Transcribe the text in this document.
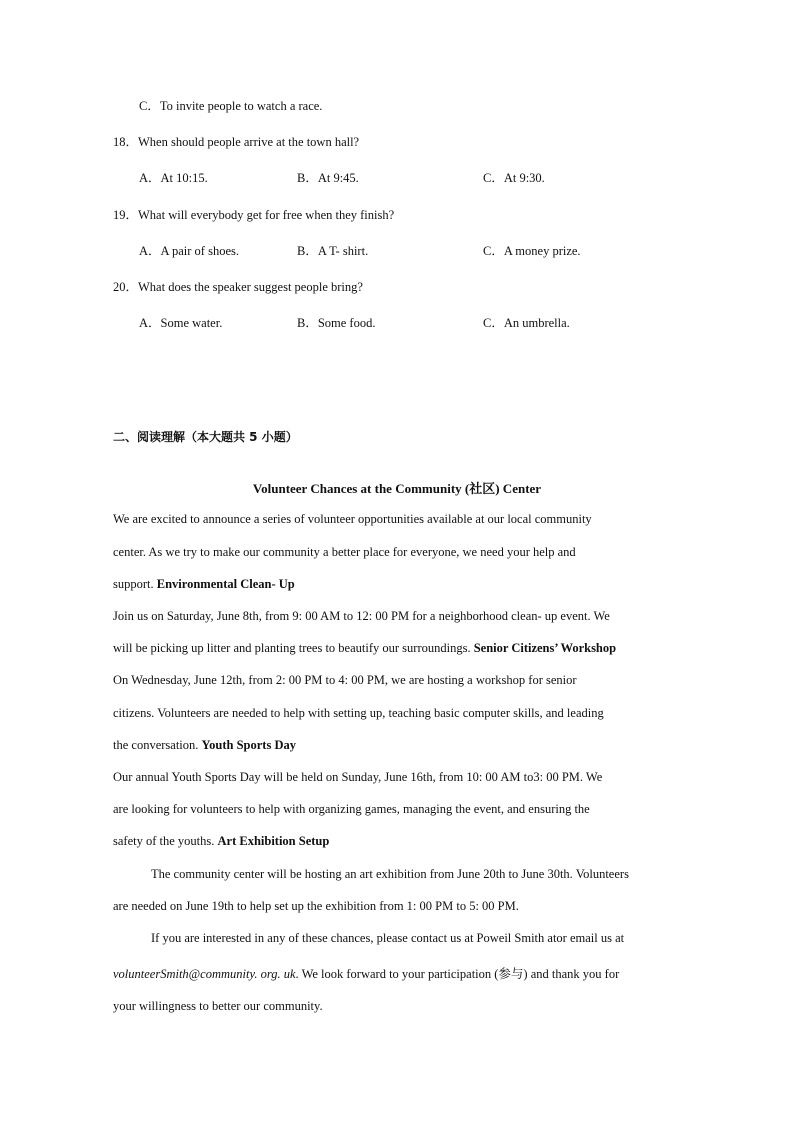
C．To invite people to watch a race.
18．When should people arrive at the town hall?
A．At 10:15.	B．At 9:45.	C．At 9:30.
19．What will everybody get for free when they finish?
A．A pair of shoes.	B．A T- shirt.	C．A money prize.
20．What does the speaker suggest people bring?
A．Some water.	B．Some food.	C．An umbrella.
二、阅读理解（本大题共 5 小题）
Volunteer Chances at the Community (社区) Center
We are excited to announce a series of volunteer opportunities available at our local community
center. As we try to make our community a better place for everyone, we need your help and
support. Environmental Clean- Up
Join us on Saturday, June 8th, from 9: 00 AM to 12: 00 PM for a neighborhood clean- up event. We
will be picking up litter and planting trees to beautify our surroundings. Senior Citizens’ Workshop
On Wednesday, June 12th, from 2: 00 PM to 4: 00 PM, we are hosting a workshop for senior
citizens. Volunteers are needed to help with setting up, teaching basic computer skills, and leading
the conversation. Youth Sports Day
Our annual Youth Sports Day will be held on Sunday, June 16th, from 10: 00 AM to3: 00 PM. We
are looking for volunteers to help with organizing games, managing the event, and ensuring the
safety of the youths. Art Exhibition Setup
The community center will be hosting an art exhibition from June 20th to June 30th. Volunteers
are needed on June 19th to help set up the exhibition from 1: 00 PM to 5: 00 PM.
If you are interested in any of these chances, please contact us at Poweil Smith ator email us at
volunteerSmith@community. org. uk. We look forward to your participation (参与) and thank you for
your willingness to better our community.
